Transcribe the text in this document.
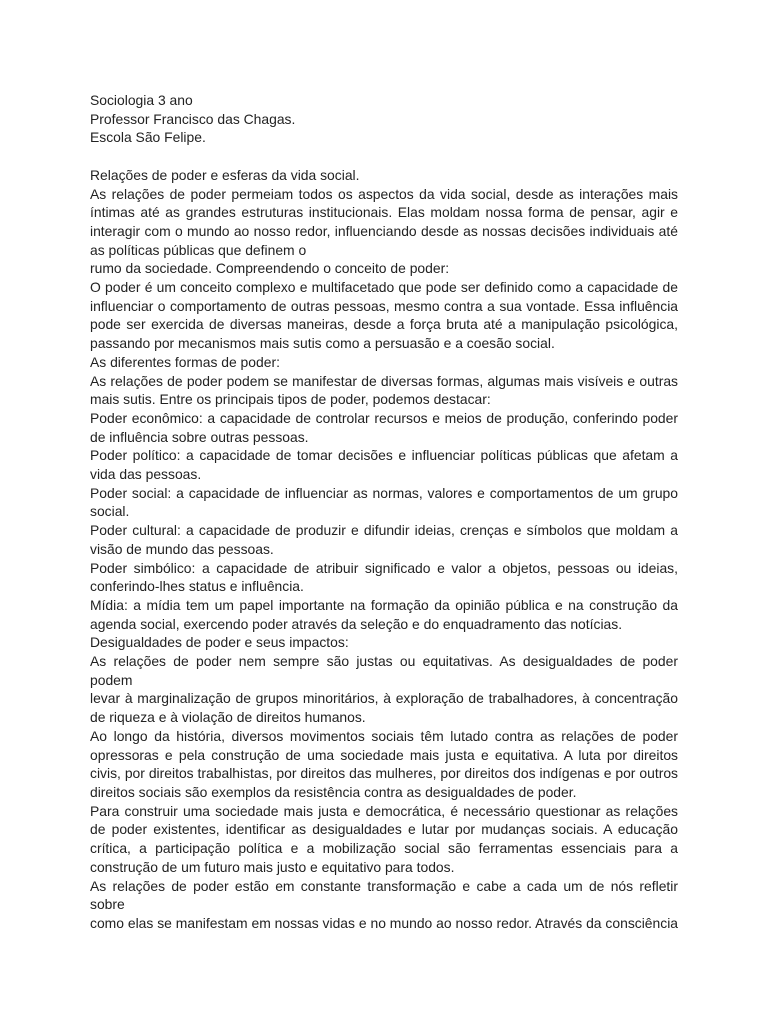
Sociologia 3 ano
Professor Francisco das Chagas.
Escola São Felipe.
Relações de poder e esferas da vida social.
As relações de poder permeiam todos os aspectos da vida social, desde as interações mais
íntimas até as grandes estruturas institucionais. Elas moldam nossa forma de pensar, agir e
interagir com o mundo ao nosso redor, influenciando desde as nossas decisões individuais até
as políticas públicas que definem o
rumo da sociedade. Compreendendo o conceito de poder:
O poder é um conceito complexo e multifacetado que pode ser definido como a capacidade de
influenciar o comportamento de outras pessoas, mesmo contra a sua vontade. Essa influência
pode ser exercida de diversas maneiras, desde a força bruta até a manipulação psicológica,
passando por mecanismos mais sutis como a persuasão e a coesão social.
As diferentes formas de poder:
As relações de poder podem se manifestar de diversas formas, algumas mais visíveis e outras
mais sutis. Entre os principais tipos de poder, podemos destacar:
Poder econômico: a capacidade de controlar recursos e meios de produção, conferindo poder
de influência sobre outras pessoas.
Poder político: a capacidade de tomar decisões e influenciar políticas públicas que afetam a
vida das pessoas.
Poder social: a capacidade de influenciar as normas, valores e comportamentos de um grupo
social.
Poder cultural: a capacidade de produzir e difundir ideias, crenças e símbolos que moldam a
visão de mundo das pessoas.
Poder simbólico: a capacidade de atribuir significado e valor a objetos, pessoas ou ideias,
conferindo-lhes status e influência.
Mídia: a mídia tem um papel importante na formação da opinião pública e na construção da
agenda social, exercendo poder através da seleção e do enquadramento das notícias.
Desigualdades de poder e seus impactos:
As relações de poder nem sempre são justas ou equitativas. As desigualdades de poder podem
levar à marginalização de grupos minoritários, à exploração de trabalhadores, à concentração
de riqueza e à violação de direitos humanos.
Ao longo da história, diversos movimentos sociais têm lutado contra as relações de poder
opressoras e pela construção de uma sociedade mais justa e equitativa. A luta por direitos
civis, por direitos trabalhistas, por direitos das mulheres, por direitos dos indígenas e por outros
direitos sociais são exemplos da resistência contra as desigualdades de poder.
Para construir uma sociedade mais justa e democrática, é necessário questionar as relações
de poder existentes, identificar as desigualdades e lutar por mudanças sociais. A educação
crítica, a participação política e a mobilização social são ferramentas essenciais para a
construção de um futuro mais justo e equitativo para todos.
As relações de poder estão em constante transformação e cabe a cada um de nós refletir sobre
como elas se manifestam em nossas vidas e no mundo ao nosso redor. Através da consciência
